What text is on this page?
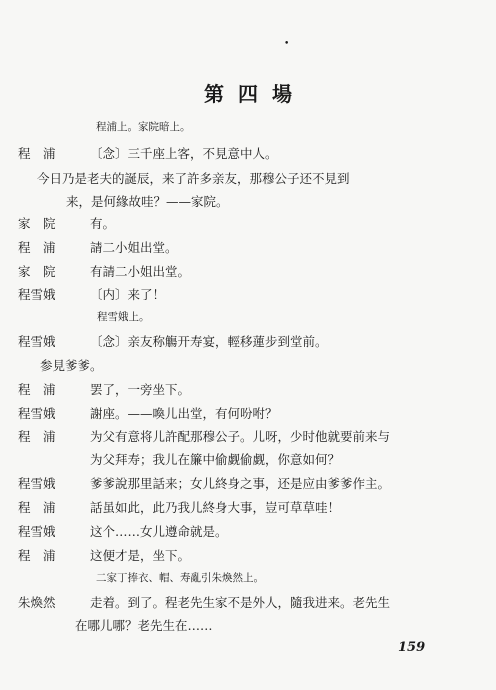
•
第四場
程浦上。家院暗上。
程　浦	〔念〕三千座上客，不見意中人。
今日乃是老夫的誕辰，来了許多亲友，那穆公子还不見到
来，是何緣故哇？——家院。
家　院	有。
程　浦	請二小姐出堂。
家　院	有請二小姐出堂。
程雪娥	〔内〕来了！
程雪娥上。
程雪娥	〔念〕亲友称觴开寿宴，輕移蓮步到堂前。
参見爹爹。
程　浦	罢了，一旁坐下。
程雪娥	謝座。——喚儿出堂，有何吩咐？
程　浦	为父有意将儿許配那穆公子。儿呀，少时他就要前来与
为父拜寿；我儿在簾中偷觑偷觑，你意如何？
程雪娥	爹爹說那里話来；女儿終身之事，还是应由爹爹作主。
程　浦	話虽如此，此乃我儿終身大事，豈可草草哇！
程雪娥	这个……女儿遵命就是。
程　浦	这便才是，坐下。
二家丁捧衣、帽、寿亂引朱煥然上。
朱煥然	走着。到了。程老先生家不是外人，隨我进来。老先生
在哪儿哪？老先生在……
159
